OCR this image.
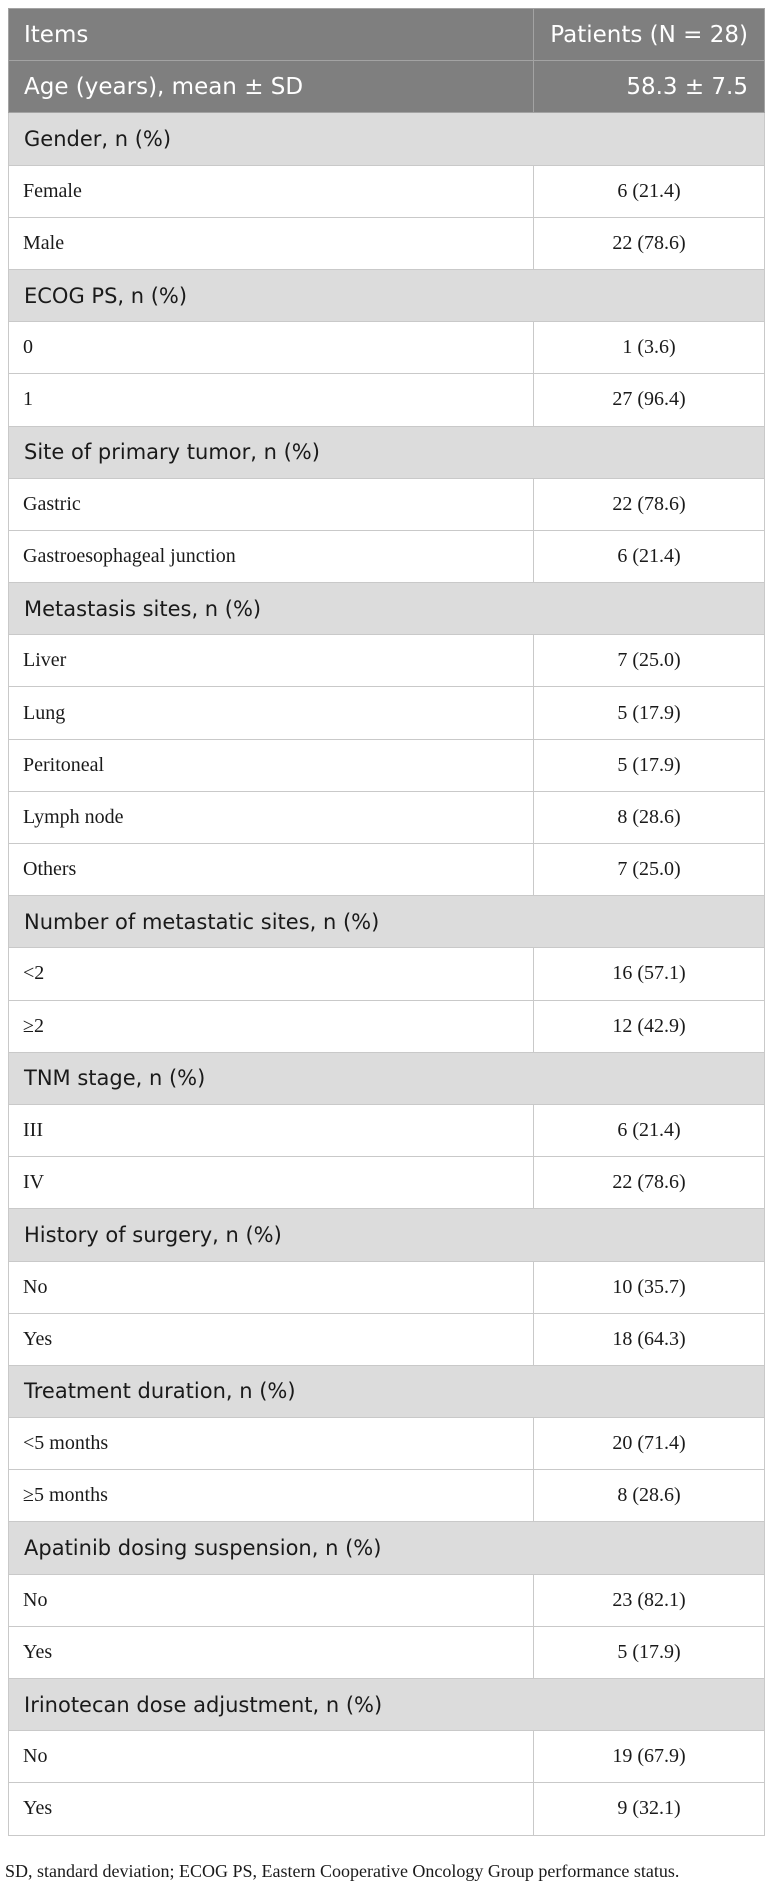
Items	Patients (N = 28)
Age (years), mean ± SD	58.3 ± 7.5
Gender, n (%)	
Female	6 (21.4)
Male	22 (78.6)
ECOG PS, n (%)	
0	1 (3.6)
1	27 (96.4)
Site of primary tumor, n (%)	
Gastric	22 (78.6)
Gastroesophageal junction	6 (21.4)
Metastasis sites, n (%)	
Liver	7 (25.0)
Lung	5 (17.9)
Peritoneal	5 (17.9)
Lymph node	8 (28.6)
Others	7 (25.0)
Number of metastatic sites, n (%)	
<2	16 (57.1)
≥2	12 (42.9)
TNM stage, n (%)	
III	6 (21.4)
IV	22 (78.6)
History of surgery, n (%)	
No	10 (35.7)
Yes	18 (64.3)
Treatment duration, n (%)	
<5 months	20 (71.4)
≥5 months	8 (28.6)
Apatinib dosing suspension, n (%)	
No	23 (82.1)
Yes	5 (17.9)
Irinotecan dose adjustment, n (%)	
No	19 (67.9)
Yes	9 (32.1)
SD, standard deviation; ECOG PS, Eastern Cooperative Oncology Group performance status.
